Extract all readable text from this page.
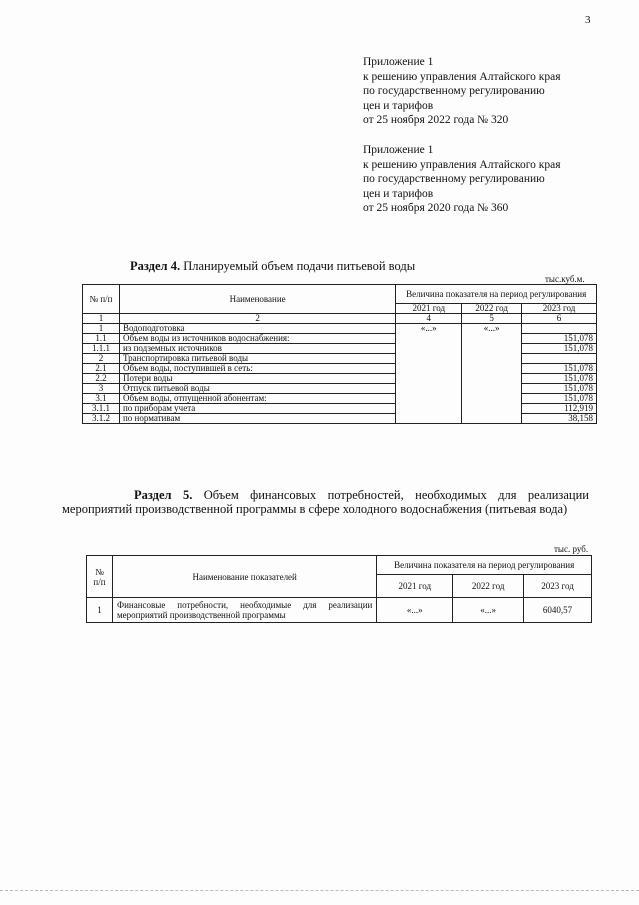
3
Приложение 1
к решению управления Алтайского края
по государственному регулированию
цен и тарифов
от 25 ноября 2022 года № 320
Приложение 1
к решению управления Алтайского края
по государственному регулированию
цен и тарифов
от 25 ноября 2020 года № 360
Раздел 4. Планируемый объем подачи питьевой воды
тыс.куб.м.
№ п/п	Наименование	Величина показателя на период регулирования		
		2021 год	2022 год	2023 год
1	2	4	5	6
1	Водоподготовка	«...»	«...»	
1.1	Объем воды из источников водоснабжения:			151,078
1.1.1	из подземных источников			151,078
2	Транспортировка питьевой воды			
2.1	Объем воды, поступившей в сеть:			151,078
2.2	Потери воды			151,078
3	Отпуск питьевой воды			151,078
3.1	Объем воды, отпущенной абонентам:			151,078
3.1.1	по приборам учета			112,919
3.1.2	по нормативам			38,158
Раздел 5. Объем финансовых потребностей, необходимых для реализации мероприятий производственной программы в сфере холодного водоснабжения (питьевая вода)
тыс. руб.
№ п/п	Наименование показателей	Величина показателя на период регулирования		
		2021 год	2022 год	2023 год
1	Финансовые потребности, необходимые для реализации мероприятий производственной программы	«...»	«...»	6040,57
